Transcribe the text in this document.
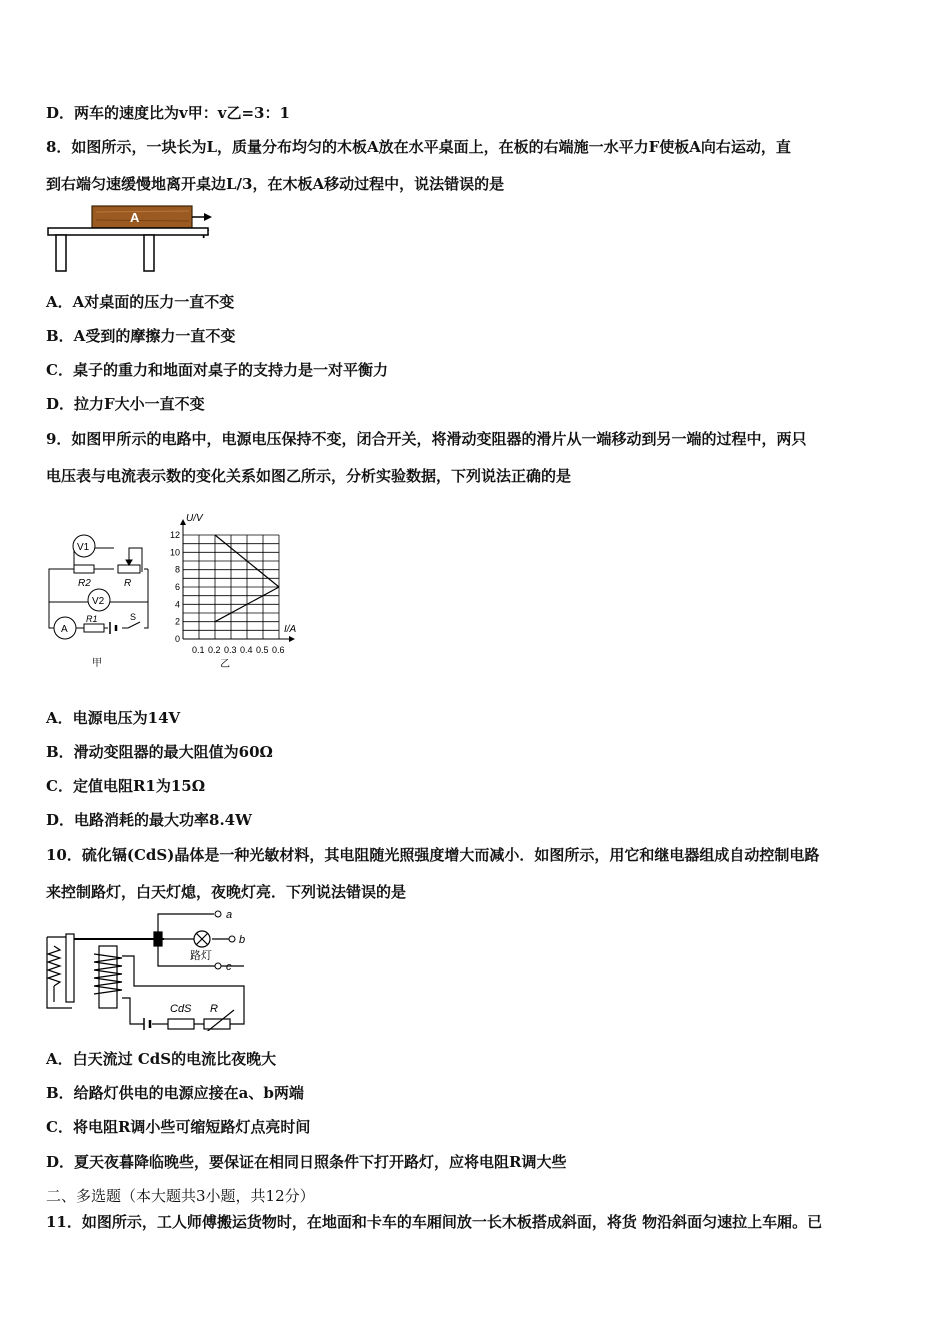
D．两车的速度比为v甲：v乙=3：1
8．如图所示，一块长为L，质量分布均匀的木板A放在水平桌面上，在板的右端施一水平力F使板A向右运动，直
到右端匀速缓慢地离开桌边L/3，在木板A移动过程中，说法错误的是
A
A．A对桌面的压力一直不变
B．A受到的摩擦力一直不变
C．桌子的重力和地面对桌子的支持力是一对平衡力
D．拉力F大小一直不变
9．如图甲所示的电路中，电源电压保持不变，闭合开关，将滑动变阻器的滑片从一端移动到另一端的过程中，两只
电压表与电流表示数的变化关系如图乙所示，分析实验数据，下列说法正确的是
V1
V2
A
R2	R
R1	S
甲
0.1 0.2 0.3 0.4 0.5 0.6
0
2
4
6
8
10
12
U/V
I/A
乙
A．电源电压为14V
B．滑动变阻器的最大阻值为60Ω
C．定值电阻R1为15Ω
D．电路消耗的最大功率8.4W
10．硫化镉(CdS)晶体是一种光敏材料，其电阻随光照强度增大而减小．如图所示，用它和继电器组成自动控制电路
来控制路灯，白天灯熄，夜晚灯亮．下列说法错误的是
a
b
c
路灯
CdS R
A．白天流过 CdS的电流比夜晚大
B．给路灯供电的电源应接在a、b两端
C．将电阻R调小些可缩短路灯点亮时间
D．夏天夜暮降临晚些，要保证在相同日照条件下打开路灯，应将电阻R调大些
二、多选题（本大题共3小题，共12分）
11．如图所示，工人师傅搬运货物时，在地面和卡车的车厢间放一长木板搭成斜面，将货 物沿斜面匀速拉上车厢。已
